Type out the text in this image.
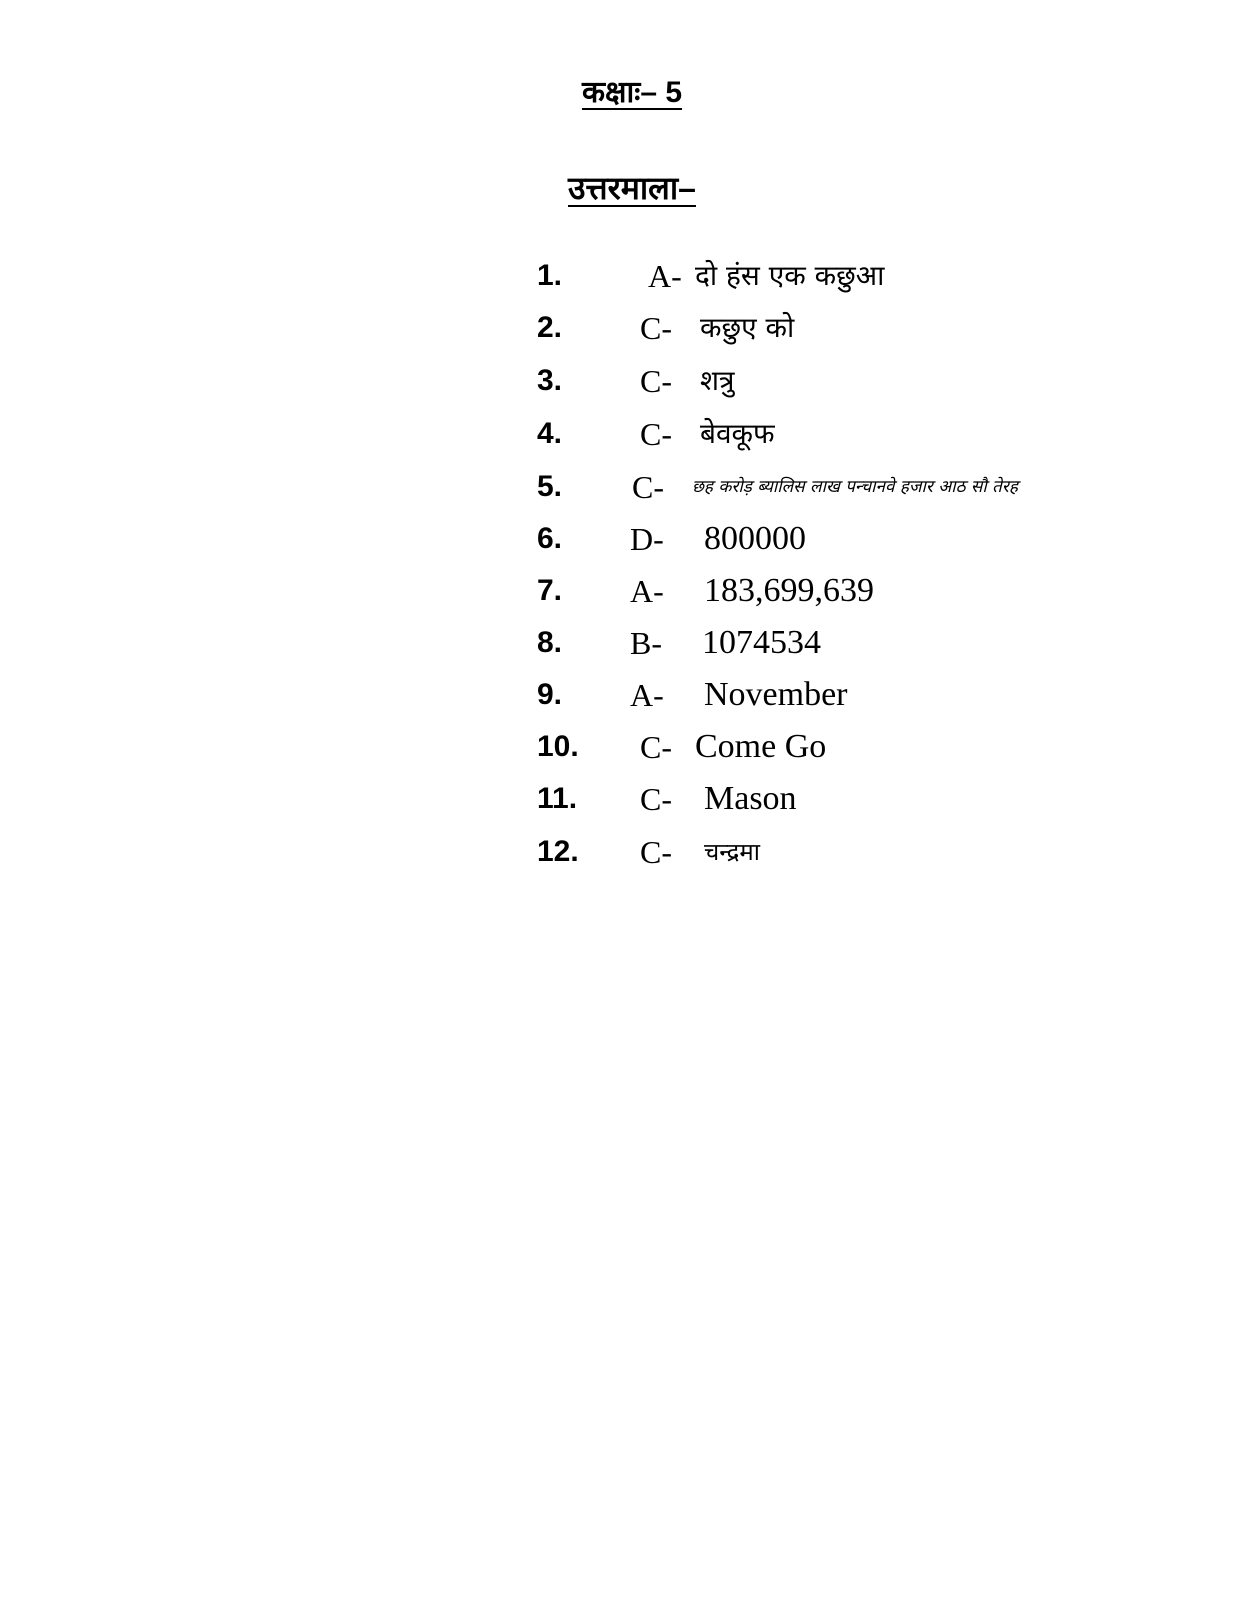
कक्षाः– 5
उत्तरमाला–
1.	A- दो हंस एक कछुआ
2. C- कछुए को
3. C- शत्रु
4. C- बेवकूफ
5. C- छह करोड़ ब्यालिस लाख पन्चानवे हजार आठ सौ तेरह
6. D- 800000
7. A- 183,699,639
8. B- 1074534
9. A- November
10. C- Come Go
11. C- Mason
12. C- चन्द्रमा
